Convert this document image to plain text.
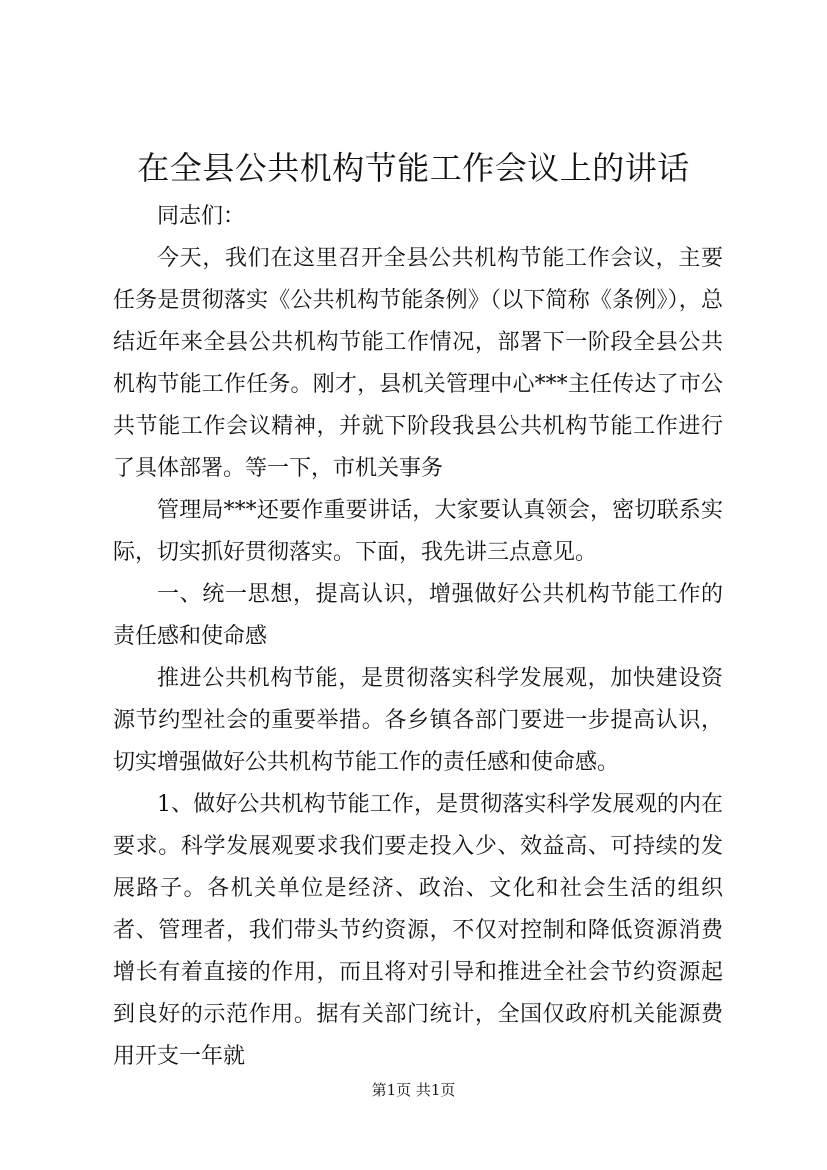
在全县公共机构节能工作会议上的讲话

同志们：

今天，我们在这里召开全县公共机构节能工作会议，主要任务是贯彻落实《公共机构节能条例》（以下简称《条例》），总结近年来全县公共机构节能工作情况，部署下一阶段全县公共机构节能工作任务。刚才，县机关管理中心***主任传达了市公共节能工作会议精神，并就下阶段我县公共机构节能工作进行了具体部署。等一下，市机关事务

管理局***还要作重要讲话，大家要认真领会，密切联系实际，切实抓好贯彻落实。下面，我先讲三点意见。

一、统一思想，提高认识，增强做好公共机构节能工作的责任感和使命感

推进公共机构节能，是贯彻落实科学发展观，加快建设资源节约型社会的重要举措。各乡镇各部门要进一步提高认识，切实增强做好公共机构节能工作的责任感和使命感。

1、做好公共机构节能工作，是贯彻落实科学发展观的内在要求。科学发展观要求我们要走投入少、效益高、可持续的发展路子。各机关单位是经济、政治、文化和社会生活的组织者、管理者，我们带头节约资源，不仅对控制和降低资源消费增长有着直接的作用，而且将对引导和推进全社会节约资源起到良好的示范作用。据有关部门统计，全国仅政府机关能源费用开支一年就

第1页 共1页
